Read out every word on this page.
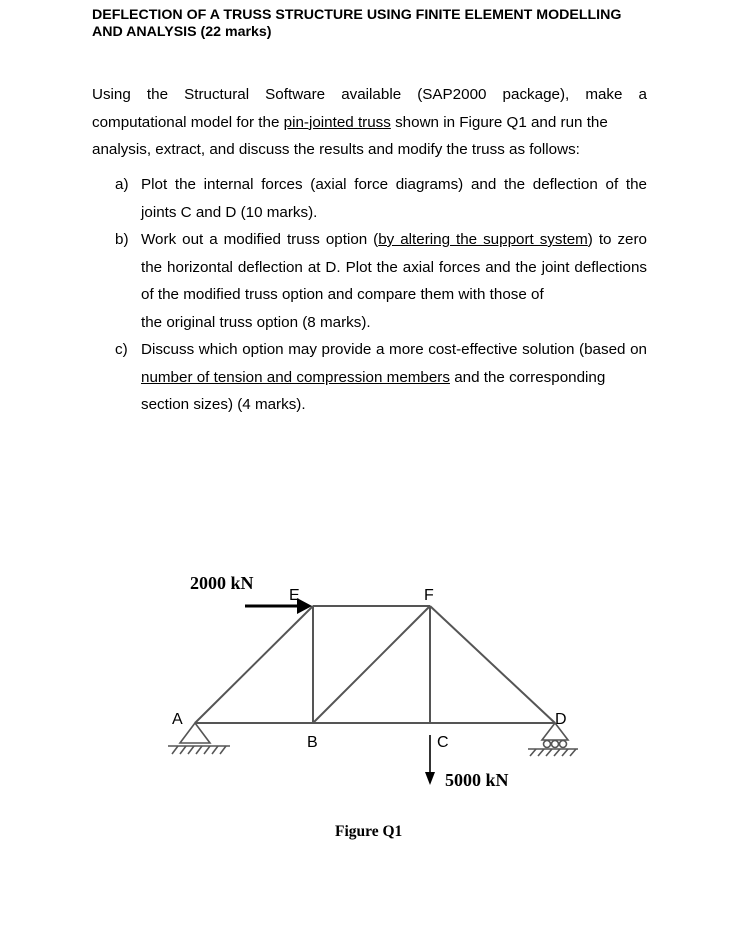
DEFLECTION OF A TRUSS STRUCTURE USING FINITE ELEMENT MODELLING
AND ANALYSIS (22 marks)
Using the Structural Software available (SAP2000 package), make a computational model for the pin-jointed truss shown in Figure Q1 and run the
analysis, extract, and discuss the results and modify the truss as follows:
a) Plot the internal forces (axial force diagrams) and the deflection of the joints C and D (10 marks).
b) Work out a modified truss option (by altering the support system) to zero the horizontal deflection at D. Plot the axial forces and the joint deflections of the modified truss option and compare them with those of
the original truss option (8 marks).
c) Discuss which option may provide a more cost-effective solution (based on number of tension and compression members and the corresponding
section sizes) (4 marks).
2000 kN
5000 kN
A
B	C
D
E	F
Figure Q1
